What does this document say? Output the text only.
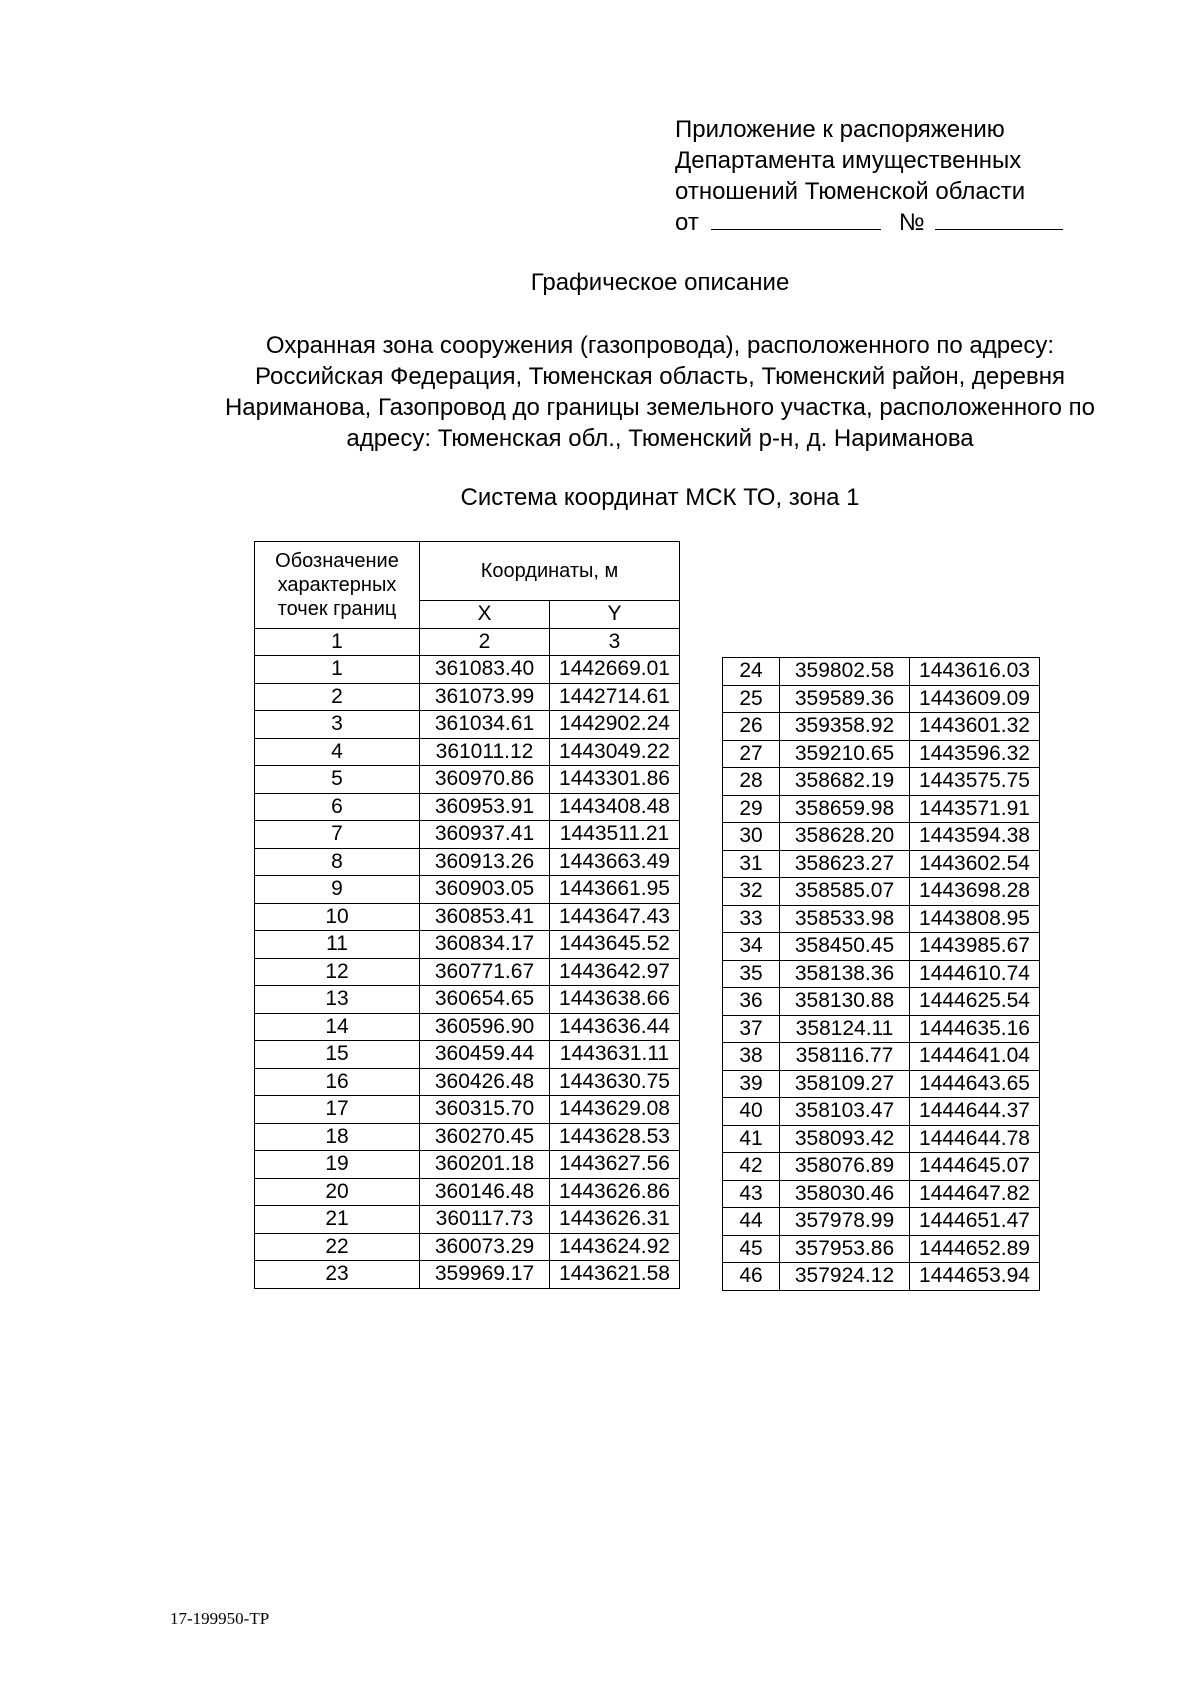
Приложение к распоряжению
Департамента имущественных
отношений Тюменской области
от	№
Графическое описание
Охранная зона сооружения (газопровода), расположенного по адресу:
Российская Федерация, Тюменская область, Тюменский район, деревня
Нариманова, Газопровод до границы земельного участка, расположенного по
адресу: Тюменская обл., Тюменский р-н, д. Нариманова
Система координат МСК ТО, зона 1
Обозначение характерных точек границ	Координаты, м	
	X	Y
1	2	3
1	361083.40	1442669.01
2	361073.99	1442714.61
3	361034.61	1442902.24
4	361011.12	1443049.22
5	360970.86	1443301.86
6	360953.91	1443408.48
7	360937.41	1443511.21
8	360913.26	1443663.49
9	360903.05	1443661.95
10	360853.41	1443647.43
11	360834.17	1443645.52
12	360771.67	1443642.97
13	360654.65	1443638.66
14	360596.90	1443636.44
15	360459.44	1443631.11
16	360426.48	1443630.75
17	360315.70	1443629.08
18	360270.45	1443628.53
19	360201.18	1443627.56
20	360146.48	1443626.86
21	360117.73	1443626.31
22	360073.29	1443624.92
23	359969.17	1443621.58
24	359802.58	1443616.03
25	359589.36	1443609.09
26	359358.92	1443601.32
27	359210.65	1443596.32
28	358682.19	1443575.75
29	358659.98	1443571.91
30	358628.20	1443594.38
31	358623.27	1443602.54
32	358585.07	1443698.28
33	358533.98	1443808.95
34	358450.45	1443985.67
35	358138.36	1444610.74
36	358130.88	1444625.54
37	358124.11	1444635.16
38	358116.77	1444641.04
39	358109.27	1444643.65
40	358103.47	1444644.37
41	358093.42	1444644.78
42	358076.89	1444645.07
43	358030.46	1444647.82
44	357978.99	1444651.47
45	357953.86	1444652.89
46	357924.12	1444653.94
17-199950-ТР
